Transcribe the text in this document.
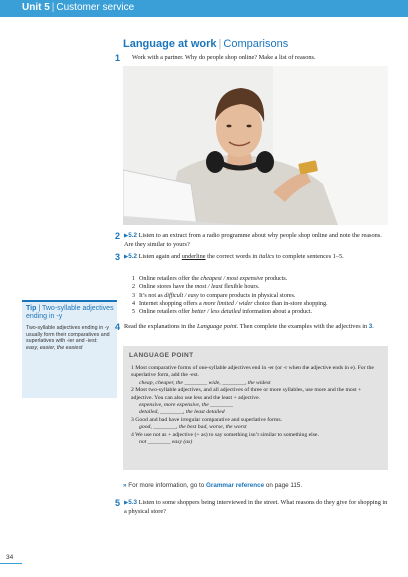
Unit 5 | Customer service
Language at work | Comparisons
1 Work with a partner. Why do people shop online? Make a list of reasons.
2 ▶5.2 Listen to an extract from a radio programme about why people shop online and note the reasons. Are they similar to yours?
3 ▶5.2 Listen again and underline the correct words in italics to complete sentences 1–5.
1 Online retailers offer the cheapest / most expensive products.
2 Online stores have the most / least flexible hours.
3 It’s not as difficult / easy to compare products in physical stores.
4 Internet shopping offers a more limited / wider choice than in-store shopping.
5 Online retailers offer better / less detailed information about a product.
Tip | Two-syllable adjectives ending in -y
Two-syllable adjectives ending in -y usually form their comparatives and superlatives with -ier and -iest:
easy, easier, the easiest
4 Read the explanations in the Language point. Then complete the examples with the adjectives in 3.
LANGUAGE POINT
1 Most comparative forms of one-syllable adjectives end in -er (or -r when the adjective ends in e). For the superlative form, add the -est.
cheap, cheaper, the ________ wide, ________, the widest
2 Most two-syllable adjectives, and all adjectives of three or more syllables, use more and the most + adjective. You can also use less and the least + adjective.
expensive, more expensive, the ________
detailed, ________, the least detailed
3 Good and bad have irregular comparative and superlative forms.
good, ________, the best bad, worse, the worst
4 We use not as + adjective (+ as) to say something isn’t similar to something else.
not ________ easy (as)
» For more information, go to Grammar reference on page 115.
5 ▶5.3 Listen to some shoppers being interviewed in the street. What reasons do they give for shopping in a physical store?
34
